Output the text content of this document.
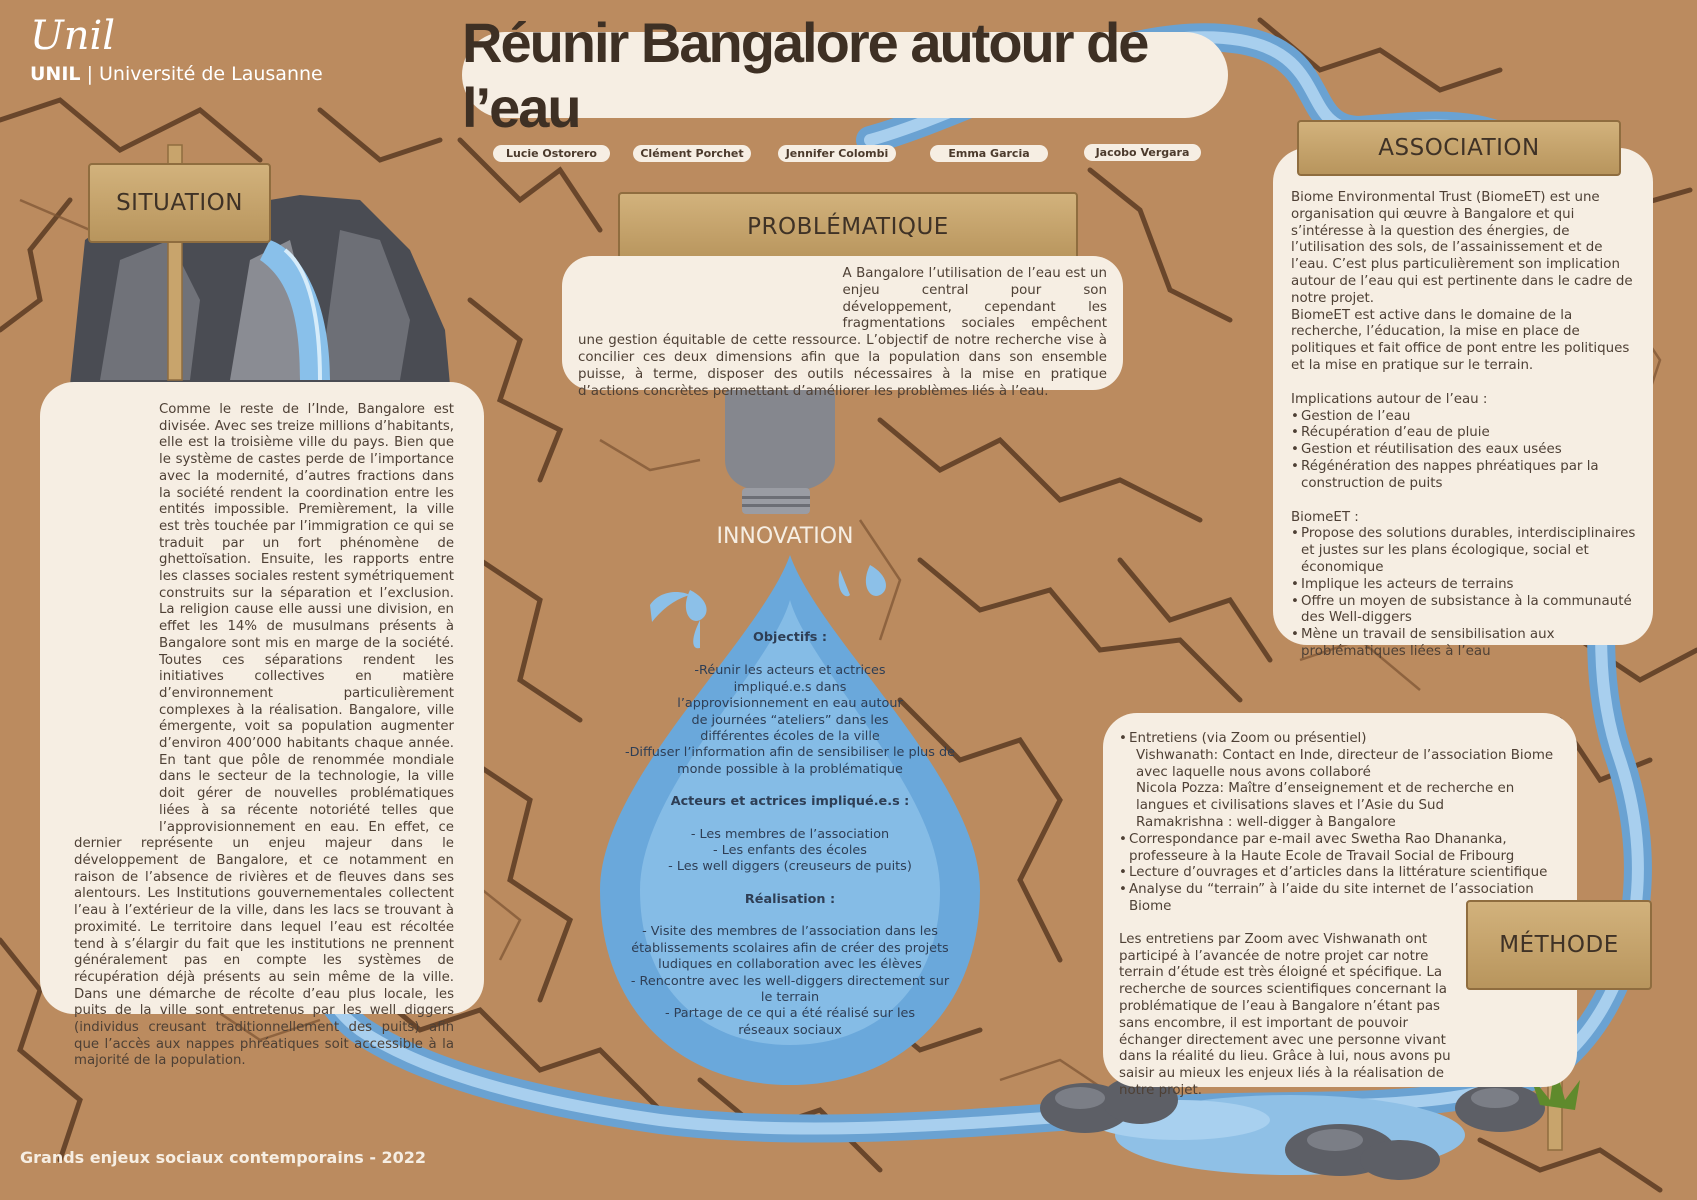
Unil
UNIL | Université de Lausanne Réunir Bangalore autour de l’eau
Lucie Ostorero	Clément Porchet	Jennifer Colombi	Emma Garcia	Jacobo Vergara
SITUATION
Comme le reste de l’Inde, Bangalore est divisée. Avec ses treize millions d’habitants, elle est la troisième ville du pays. Bien que le système de castes perde de l’importance avec la modernité, d’autres fractions dans la société rendent la coordination entre les entités impossible. Premièrement, la ville est très touchée par l’immigration ce qui se traduit par un fort phénomène de ghettoïsation. Ensuite, les rapports entre les classes sociales restent symétriquement construits sur la séparation et l’exclusion. La religion cause elle aussi une division, en effet les 14% de musulmans présents à Bangalore sont mis en marge de la société. Toutes ces séparations rendent les initiatives collectives en matière d’environnement particulièrement complexes à la réalisation. Bangalore, ville émergente, voit sa population augmenter d’environ 400’000 habitants chaque année. En tant que pôle de renommée mondiale dans le secteur de la technologie, la ville doit gérer de nouvelles problématiques liées à sa récente notoriété telles que l’approvisionnement en eau. En effet, ce dernier représente un enjeu majeur dans le développement de Bangalore, et ce notamment en raison de l’absence de rivières et de fleuves dans ses alentours. Les Institutions gouvernementales collectent l’eau à l’extérieur de la ville, dans les lacs se trouvant à proximité. Le territoire dans lequel l’eau est récoltée tend à s’élargir du fait que les institutions ne prennent généralement pas en compte les systèmes de récupération déjà présents au sein même de la ville. Dans une démarche de récolte d’eau plus locale, les puits de la ville sont entretenus par les well diggers (individus creusant traditionnellement des puits) afin que l’accès aux nappes phréatiques soit accessible à la majorité de la population.
PROBLÉMATIQUE
A Bangalore l’utilisation de l’eau est un enjeu central pour son développement, cependant les fragmentations sociales empêchent une gestion équitable de cette ressource. L’objectif de notre recherche vise à concilier ces deux dimensions afin que la population dans son ensemble puisse, à terme, disposer des outils nécessaires à la mise en pratique d’actions concrètes permettant d’améliorer les problèmes liés à l’eau.
INNOVATION
Objectifs :
-Réunir les acteurs et actrices impliqué.e.s dans l’approvisionnement en eau autour de journées “ateliers” dans les différentes écoles de la ville
-Diffuser l’information afin de sensibiliser le plus de monde possible à la problématique
Acteurs et actrices impliqué.e.s :
- Les membres de l’association
- Les enfants des écoles
- Les well diggers (creuseurs de puits)
Réalisation :
- Visite des membres de l’association dans les établissements scolaires afin de créer des projets ludiques en collaboration avec les élèves
- Rencontre avec les well-diggers directement sur le terrain
- Partage de ce qui a été réalisé sur les réseaux sociaux
Biome Environmental Trust (BiomeET) est une organisation qui œuvre à Bangalore et qui s’intéresse à la question des énergies, de l’utilisation des sols, de l’assainissement et de l’eau. C’est plus particulièrement son implication autour de l’eau qui est pertinente dans le cadre de notre projet.
BiomeET est active dans le domaine de la recherche, l’éducation, la mise en place de politiques et fait office de pont entre les politiques et la mise en pratique sur le terrain.
Implications autour de l’eau :
• Gestion de l’eau
• Récupération d’eau de pluie
• Gestion et réutilisation des eaux usées
• Régénération des nappes phréatiques par la construction de puits
BiomeET :
• Propose des solutions durables, interdisciplinaires et justes sur les plans écologique, social et économique
• Implique les acteurs de terrains
• Offre un moyen de subsistance à la communauté des Well-diggers
• Mène un travail de sensibilisation aux problématiques liées à l’eau
ASSOCIATION
• Entretiens (via Zoom ou présentiel)
Vishwanath: Contact en Inde, directeur de l’association Biome avec laquelle nous avons collaboré
Nicola Pozza: Maître d’enseignement et de recherche en langues et civilisations slaves et l’Asie du Sud
Ramakrishna : well-digger à Bangalore
• Correspondance par e-mail avec Swetha Rao Dhananka, professeure à la Haute Ecole de Travail Social de Fribourg
• Lecture d’ouvrages et d’articles dans la littérature scientifique
• Analyse du “terrain” à l’aide du site internet de l’association Biome
Les entretiens par Zoom avec Vishwanath ont participé à l’avancée de notre projet car notre terrain d’étude est très éloigné et spécifique. La recherche de sources scientifiques concernant la problématique de l’eau à Bangalore n’étant pas sans encombre, il est important de pouvoir échanger directement avec une personne vivant dans la réalité du lieu. Grâce à lui, nous avons pu saisir au mieux les enjeux liés à la réalisation de notre projet.
MÉTHODE
Grands enjeux sociaux contemporains - 2022
